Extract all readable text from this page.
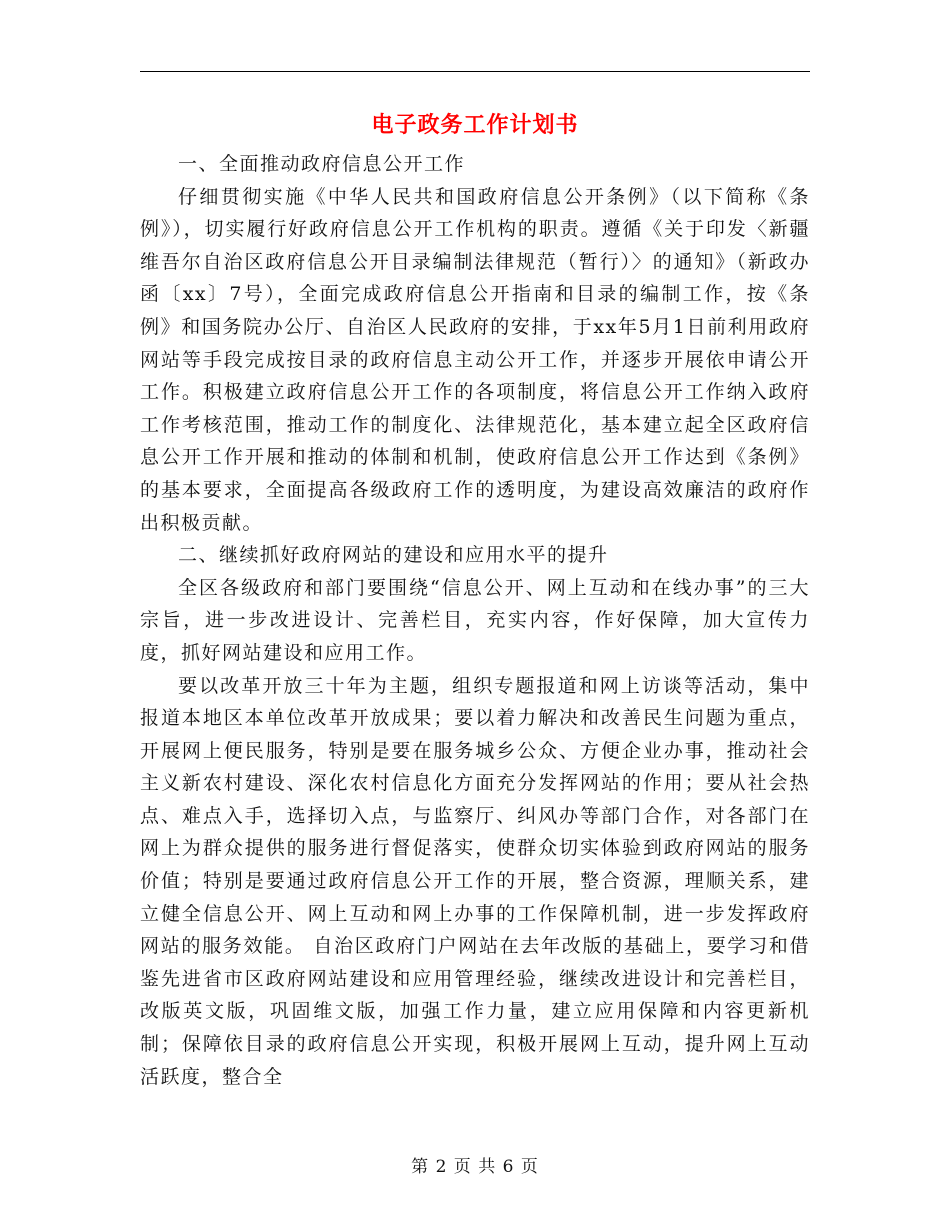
电子政务工作计划书

一、全面推动政府信息公开工作

仔细贯彻实施《中华人民共和国政府信息公开条例》（以下简称《条例》），切实履行好政府信息公开工作机构的职责。遵循《关于印发〈新疆维吾尔自治区政府信息公开目录编制法律规范（暂行）〉的通知》（新政办函〔xx〕7号），全面完成政府信息公开指南和目录的编制工作，按《条例》和国务院办公厅、自治区人民政府的安排，于xx年5月1日前利用政府网站等手段完成按目录的政府信息主动公开工作，并逐步开展依申请公开工作。积极建立政府信息公开工作的各项制度，将信息公开工作纳入政府工作考核范围，推动工作的制度化、法律规范化，基本建立起全区政府信息公开工作开展和推动的体制和机制，使政府信息公开工作达到《条例》的基本要求，全面提高各级政府工作的透明度，为建设高效廉洁的政府作出积极贡献。

二、继续抓好政府网站的建设和应用水平的提升

全区各级政府和部门要围绕“信息公开、网上互动和在线办事”的三大宗旨，进一步改进设计、完善栏目，充实内容，作好保障，加大宣传力度，抓好网站建设和应用工作。

要以改革开放三十年为主题，组织专题报道和网上访谈等活动，集中报道本地区本单位改革开放成果；要以着力解决和改善民生问题为重点，开展网上便民服务，特别是要在服务城乡公众、方便企业办事，推动社会主义新农村建设、深化农村信息化方面充分发挥网站的作用；要从社会热点、难点入手，选择切入点，与监察厅、纠风办等部门合作，对各部门在网上为群众提供的服务进行督促落实，使群众切实体验到政府网站的服务价值；特别是要通过政府信息公开工作的开展，整合资源，理顺关系，建立健全信息公开、网上互动和网上办事的工作保障机制，进一步发挥政府网站的服务效能。 自治区政府门户网站在去年改版的基础上，要学习和借鉴先进省市区政府网站建设和应用管理经验，继续改进设计和完善栏目，改版英文版，巩固维文版，加强工作力量，建立应用保障和内容更新机制；保障依目录的政府信息公开实现，积极开展网上互动，提升网上互动活跃度，整合全

第 2 页 共 6 页
